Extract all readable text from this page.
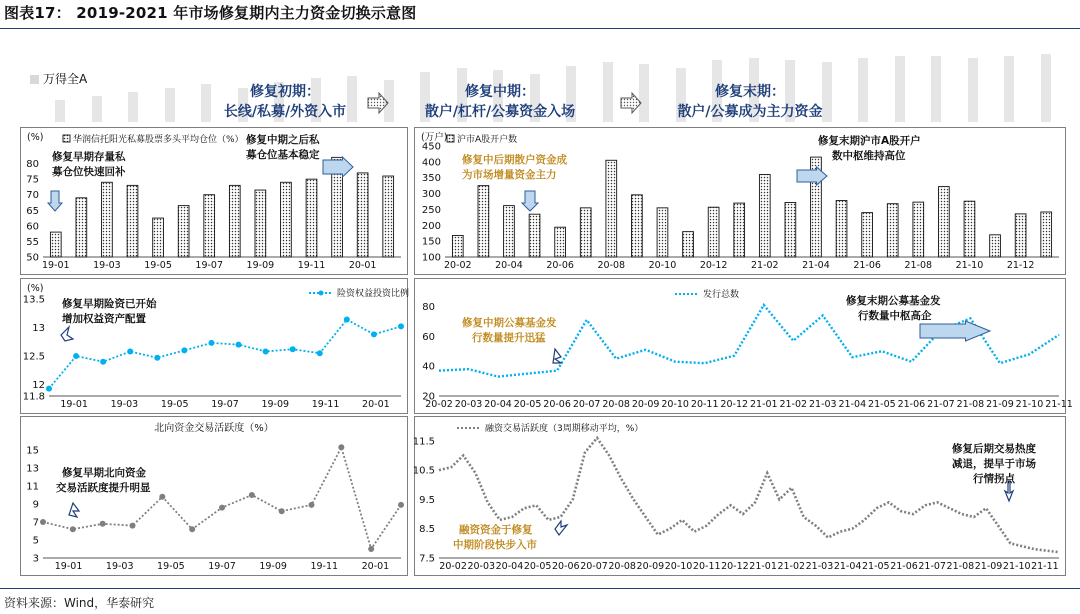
图表17： 2019-2021 年市场修复期内主力资金切换示意图
万得全A
修复初期：
长线/私募/外资入市
修复中期：
散户/杠杆/公募资金入场
修复末期：
散户/公募成为主力资金
50
55
60
65
70
75
80
19-01 19-03 19-05 19-07 19-09 19-11 20-01
(%)	华润信托阳光私募股票多头平均仓位（%）
100
150
200
250
300
350
400
450
20-02 20-04 20-06 20-08 20-10 20-12 21-02 21-04 21-06 21-08 21-10 21-12
(万户) 沪市A股开户数
11.8
12
12.5
13
13.5
19-01 19-03 19-05 19-07 19-09 19-11 20-01
(%)	险资权益投资比例
20
40
60
80
20-02 20-03 20-04 20-05 20-06 20-07 20-08 20-09 20-10 20-11 20-12 21-01 21-02 21-03 21-04 21-05 21-06 21-07 21-08 21-09 21-10 21-11
发行总数
3
5
7
9
11
13
15
19-01 19-03 19-05 19-07 19-09 19-11 20-01
北向资金交易活跃度（%）
7.5
8.5
9.5
10.5
11.5
20-02 20-03 20-04 20-05 20-06 20-07 20-08 20-09 20-10 20-11 20-12 21-01 21-02 21-03 21-04 21-05 21-06 21-07 21-08 21-09 21-10 21-11
融资交易活跃度（3周期移动平均，%）
修复早期存量私
募仓位快速回补
修复中期之后私
募仓位基本稳定	修复中后期散户资金成
为市场增量资金主力
修复末期沪市A股开户
数中枢维持高位
修复早期险资已开始
增加权益资产配置	修复中期公募基金发
行数量提升迅猛
修复末期公募基金发
行数量中枢高企
修复早期北向资金
交易活跃度提升明显
融资资金于修复
中期阶段快步入市
修复后期交易热度
减退，提早于市场
行情拐点
资料来源：Wind，华泰研究
